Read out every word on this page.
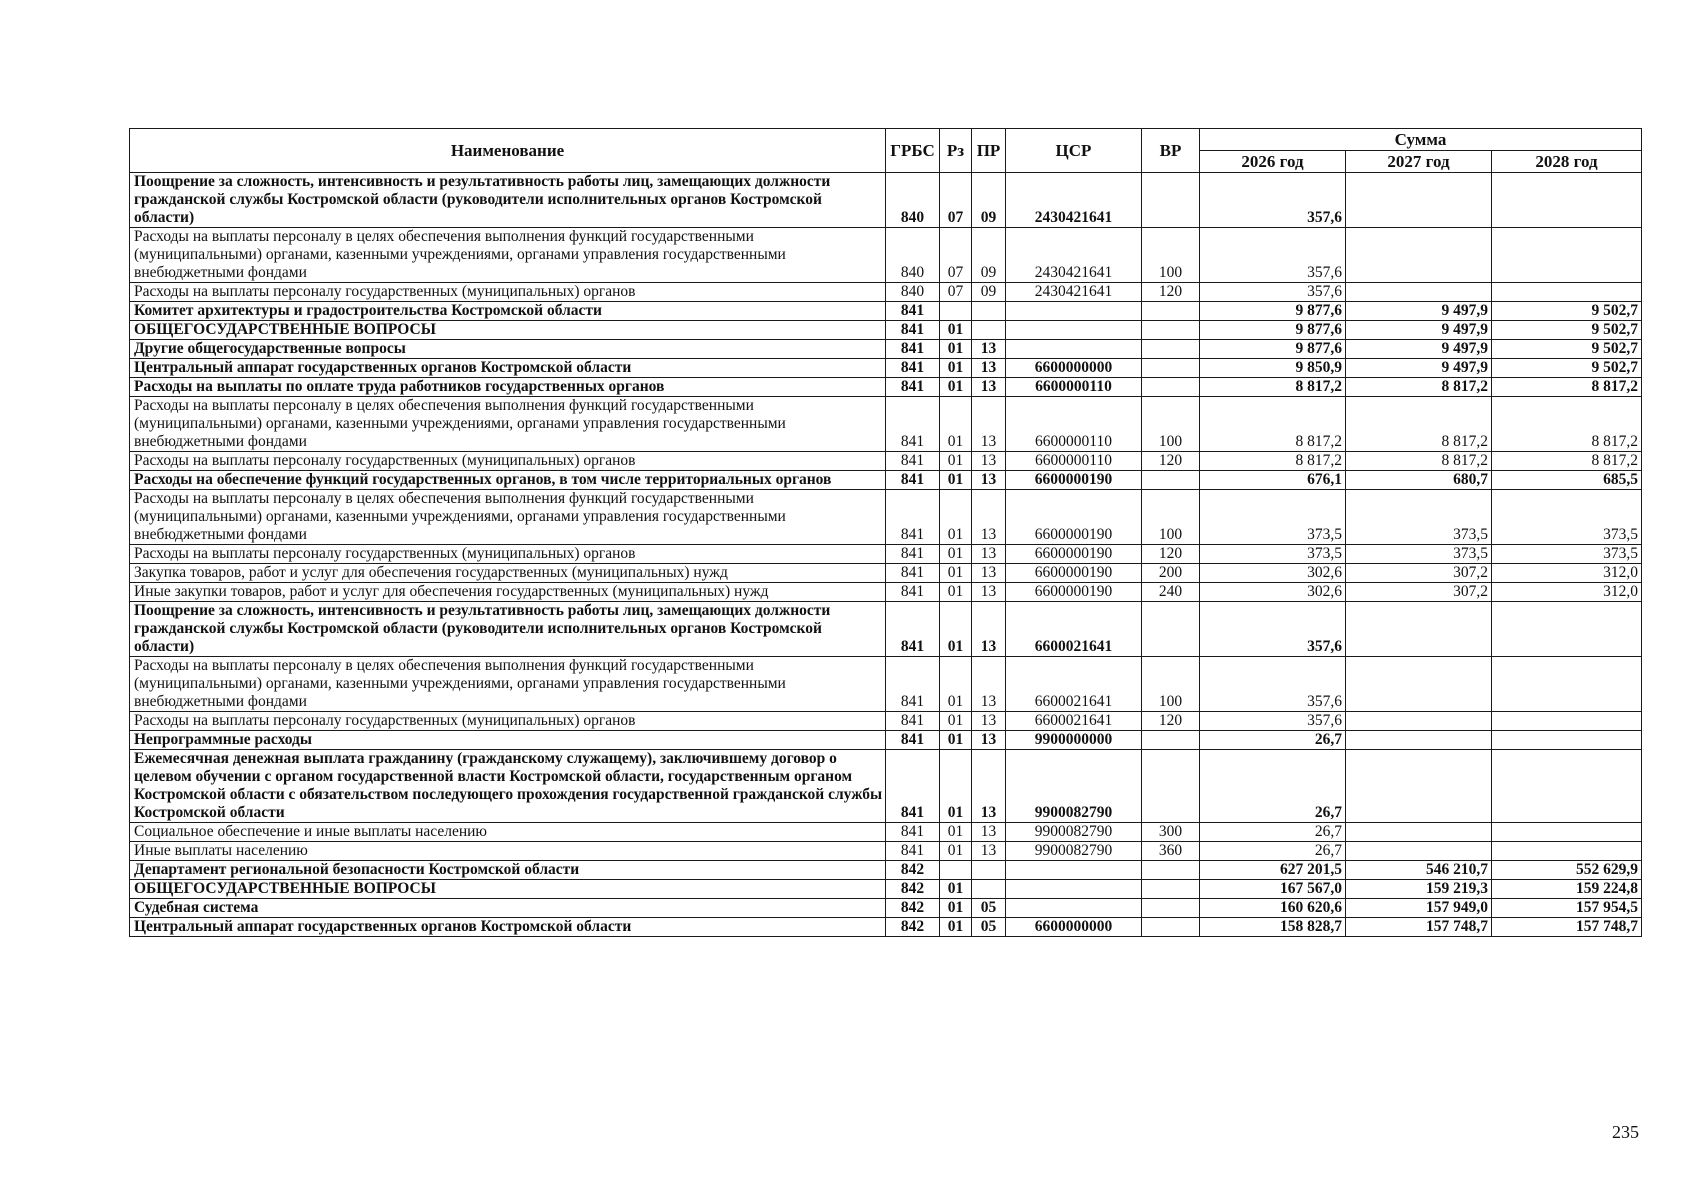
Наименование	ГРБС	Рз	ПР	ЦСР	ВР	Сумма		
						2026 год	2027 год	2028 год
Поощрение за сложность, интенсивность и результативность работы лиц, замещающих должности гражданской службы Костромской области (руководители исполнительных органов Костромской области)	840	07	09	2430421641		357,6		
Расходы на выплаты персоналу в целях обеспечения выполнения функций государственными (муниципальными) органами, казенными учреждениями, органами управления государственными внебюджетными фондами	840	07	09	2430421641	100	357,6		
Расходы на выплаты персоналу государственных (муниципальных) органов	840	07	09	2430421641	120	357,6		
Комитет архитектуры и градостроительства Костромской области	841					9 877,6	9 497,9	9 502,7
ОБЩЕГОСУДАРСТВЕННЫЕ ВОПРОСЫ	841	01				9 877,6	9 497,9	9 502,7
Другие общегосударственные вопросы	841	01	13			9 877,6	9 497,9	9 502,7
Центральный аппарат государственных органов Костромской области	841	01	13	6600000000		9 850,9	9 497,9	9 502,7
Расходы на выплаты по оплате труда работников государственных органов	841	01	13	6600000110		8 817,2	8 817,2	8 817,2
Расходы на выплаты персоналу в целях обеспечения выполнения функций государственными (муниципальными) органами, казенными учреждениями, органами управления государственными внебюджетными фондами	841	01	13	6600000110	100	8 817,2	8 817,2	8 817,2
Расходы на выплаты персоналу государственных (муниципальных) органов	841	01	13	6600000110	120	8 817,2	8 817,2	8 817,2
Расходы на обеспечение функций государственных органов, в том числе территориальных органов	841	01	13	6600000190		676,1	680,7	685,5
Расходы на выплаты персоналу в целях обеспечения выполнения функций государственными (муниципальными) органами, казенными учреждениями, органами управления государственными внебюджетными фондами	841	01	13	6600000190	100	373,5	373,5	373,5
Расходы на выплаты персоналу государственных (муниципальных) органов	841	01	13	6600000190	120	373,5	373,5	373,5
Закупка товаров, работ и услуг для обеспечения государственных (муниципальных) нужд	841	01	13	6600000190	200	302,6	307,2	312,0
Иные закупки товаров, работ и услуг для обеспечения государственных (муниципальных) нужд	841	01	13	6600000190	240	302,6	307,2	312,0
Поощрение за сложность, интенсивность и результативность работы лиц, замещающих должности гражданской службы Костромской области (руководители исполнительных органов Костромской области)	841	01	13	6600021641		357,6		
Расходы на выплаты персоналу в целях обеспечения выполнения функций государственными (муниципальными) органами, казенными учреждениями, органами управления государственными внебюджетными фондами	841	01	13	6600021641	100	357,6		
Расходы на выплаты персоналу государственных (муниципальных) органов	841	01	13	6600021641	120	357,6		
Непрограммные расходы	841	01	13	9900000000		26,7		
Ежемесячная денежная выплата гражданину (гражданскому служащему), заключившему договор о целевом обучении с органом государственной власти Костромской области, государственным органом Костромской области с обязательством последующего прохождения государственной гражданской службы Костромской области	841	01	13	9900082790		26,7		
Социальное обеспечение и иные выплаты населению	841	01	13	9900082790	300	26,7		
Иные выплаты населению	841	01	13	9900082790	360	26,7		
Департамент региональной безопасности Костромской области	842					627 201,5	546 210,7	552 629,9
ОБЩЕГОСУДАРСТВЕННЫЕ ВОПРОСЫ	842	01				167 567,0	159 219,3	159 224,8
Судебная система	842	01	05			160 620,6	157 949,0	157 954,5
Центральный аппарат государственных органов Костромской области	842	01	05	6600000000		158 828,7	157 748,7	157 748,7
235
